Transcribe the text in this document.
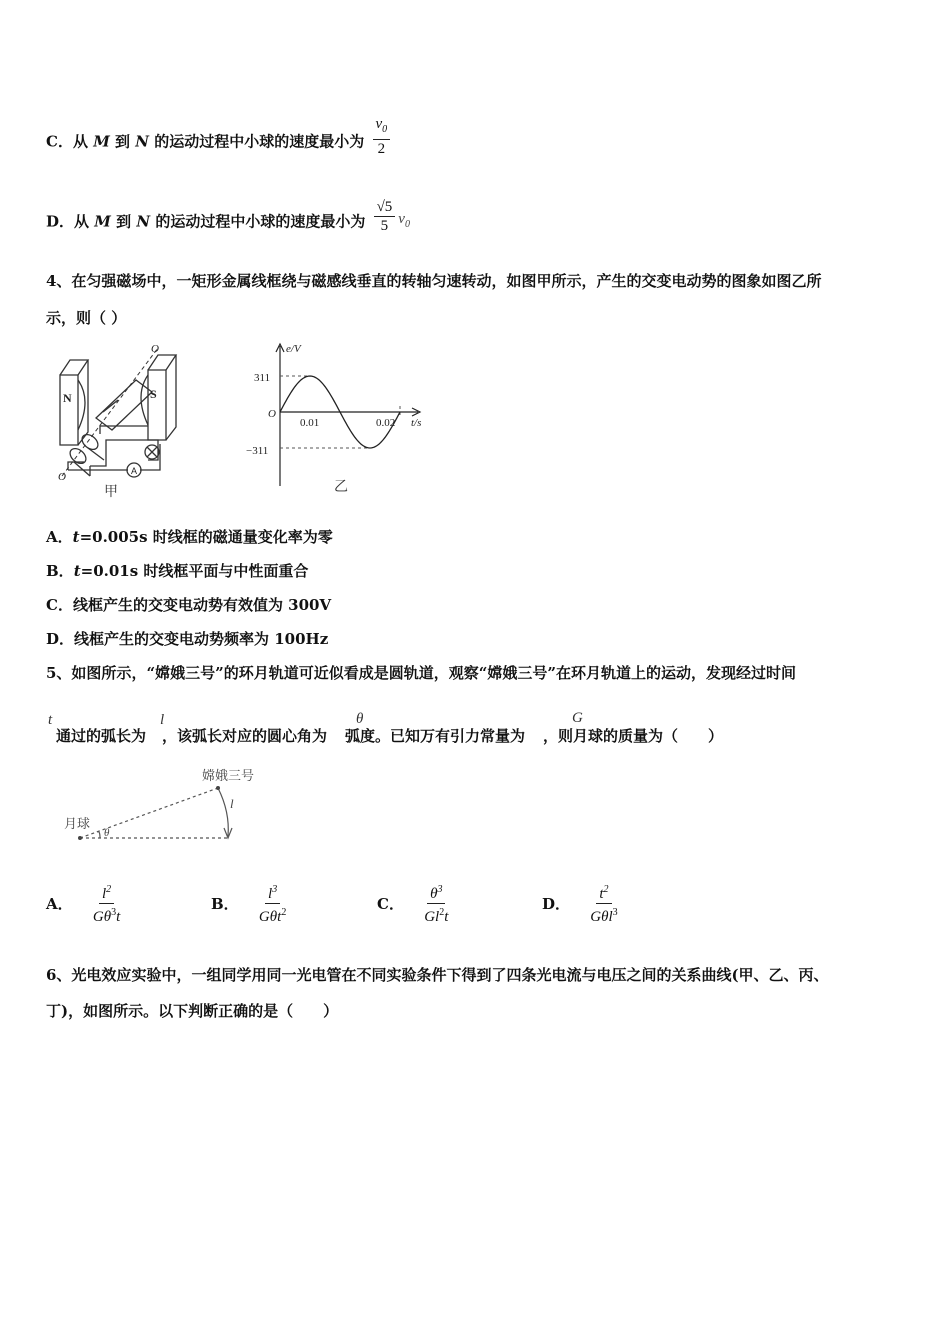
C．从 M 到 N 的运动过程中小球的速度最小为 $\frac{v_0}{2}$
D．从 M 到 N 的运动过程中小球的速度最小为 $\frac{√5}{5} v_0$
4、在匀强磁场中，一矩形金属线框绕与磁感线垂直的转轴匀速转动，如图甲所示，产生的交变电动势的图象如图乙所
示，则（ ）
N	S
O
O	A
甲
e/V
t/s
O
311
−311
0.01	0.02
乙
A．t=0.005s 时线框的磁通量变化率为零
B．t=0.01s 时线框平面与中性面重合
C．线框产生的交变电动势有效值为 300V
D．线框产生的交变电动势频率为 100Hz
5、如图所示，“嫦娥三号”的环月轨道可近似看成是圆轨道，观察“嫦娥三号”在环月轨道上的运动，发现经过时间
t
通过的弧长为 ，该弧长对应的圆心角为 弧度。已知万有引力常量为 ，则月球的质量为（　　）
l	θ	G
月球
嫦娥三号
l
θ
A． $\frac{l^2}{G\theta^3t}$	B． $\frac{l^3}{G\theta t^2}$	C． $\frac{\theta^3}{Gl^2t}$	D． $\frac{t^2}{G\theta l^3}$
6、光电效应实验中，一组同学用同一光电管在不同实验条件下得到了四条光电流与电压之间的关系曲线(甲、乙、丙、
丁)，如图所示。以下判断正确的是（　　）
